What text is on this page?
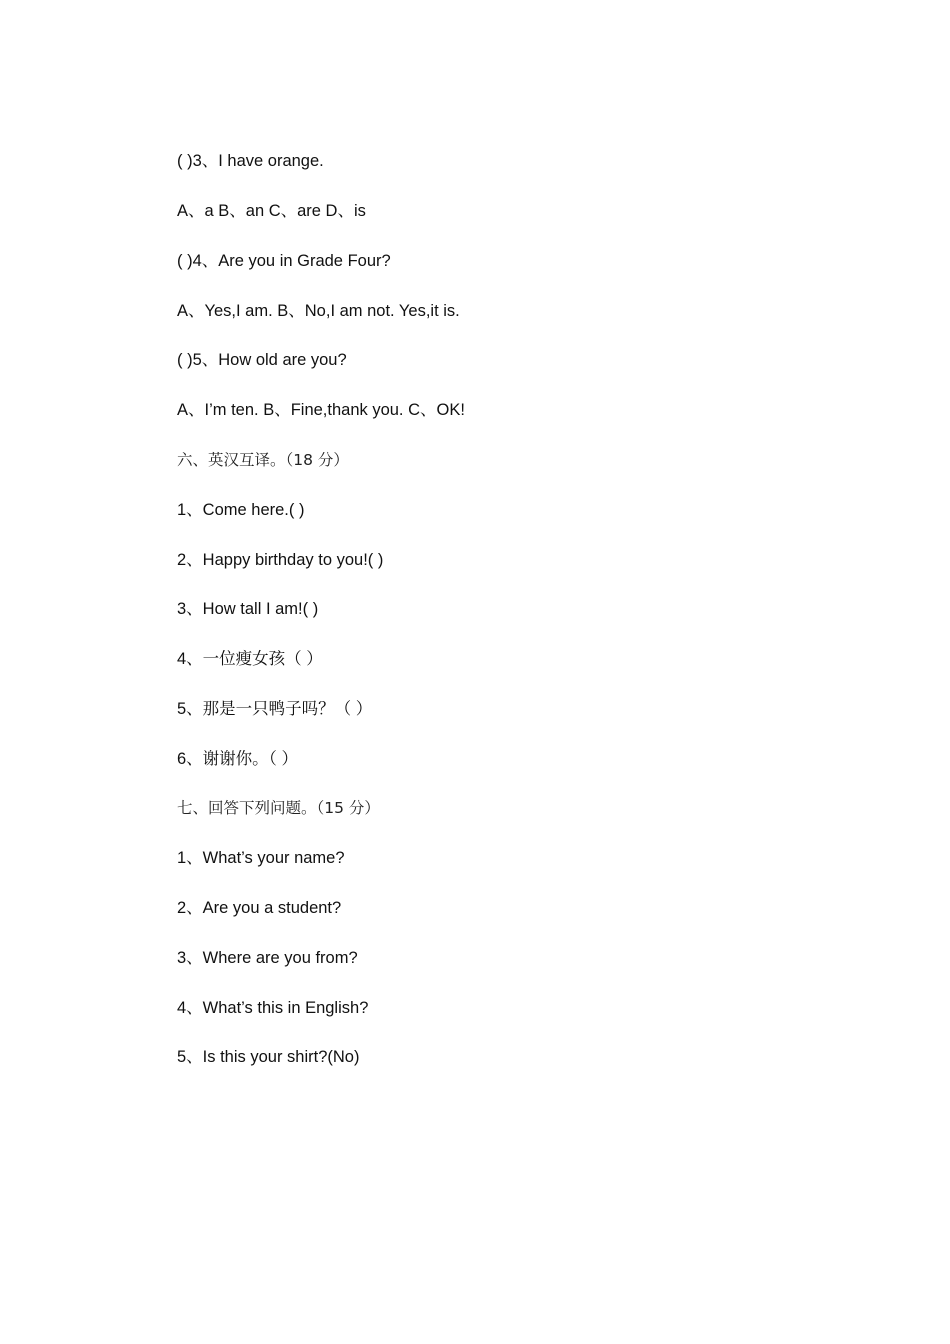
( )3、I have orange.
A、a B、an C、are D、is
( )4、Are you in Grade Four?
A、Yes,I am. B、No,I am not. Yes,it is.
( )5、How old are you?
A、I’m ten. B、Fine,thank you. C、OK!
六、英汉互译。（18 分）
1、Come here.( )
2、Happy birthday to you!( )
3、How tall I am!( )
4、一位瘦女孩（ ）
5、那是一只鸭子吗？（ ）
6、谢谢你。（ ）
七、回答下列问题。（15 分）
1、What’s your name?
2、Are you a student?
3、Where are you from?
4、What’s this in English?
5、Is this your shirt?(No)
